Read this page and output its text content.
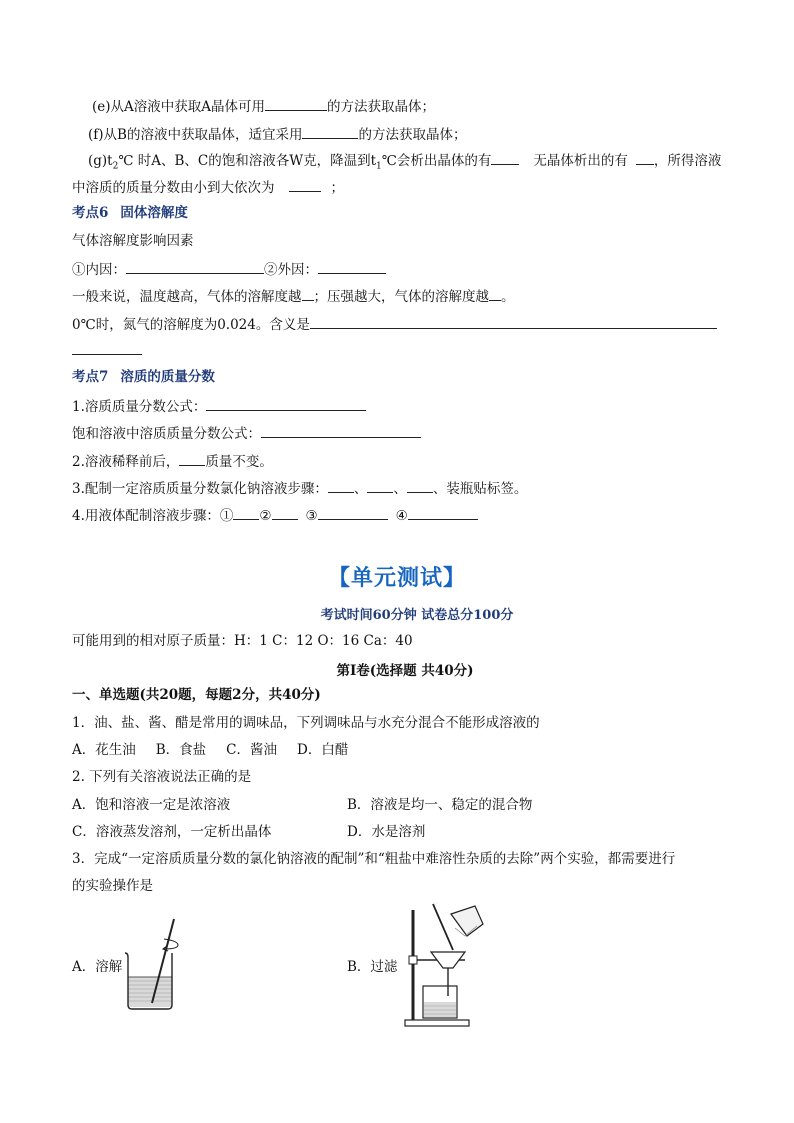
(e)从A溶液中获取A晶体可用	的方法获取晶体；
(f)从B的溶液中获取晶体，适宜采用	的方法获取晶体；
$(g)t_2℃$ 时A、B、C的饱和溶液各W克，降温到$t_1℃$会析出晶体的有	无晶体析出的有 ，所得溶液
中溶质的质量分数由小到大依次为	；
考点6 固体溶解度
气体溶解度影响因素
①内因：	②外因：
一般来说，温度越高，气体的溶解度越 ；压强越大，气体的溶解度越 。
0℃时，氮气的溶解度为0.024。含义是
考点7 溶质的质量分数
1.溶质质量分数公式：
饱和溶液中溶质质量分数公式：
2.溶液稀释前后， 质量不变。
3.配制一定溶质质量分数氯化钠溶液步骤： 、 、 、装瓶贴标签。
4.用液体配制溶液步骤：① ②	③	④
【单元测试】
考试时间60分钟 试卷总分100分
可能用到的相对原子质量：H：1 C：12 O：16 Ca：40
第Ⅰ卷(选择题 共40分)
一、单选题(共20题，每题2分，共40分)
1．油、盐、酱、醋是常用的调味品，下列调味品与水充分混合不能形成溶液的
A．花生油 B．食盐 C．酱油 D．白醋
2. 下列有关溶液说法正确的是
A．饱和溶液一定是浓溶液	B．溶液是均一、稳定的混合物
C．溶液蒸发溶剂，一定析出晶体	D．水是溶剂
3．完成“一定溶质质量分数的氯化钠溶液的配制”和“粗盐中难溶性杂质的去除”两个实验，都需要进行
的实验操作是
A．溶解	B．过滤
